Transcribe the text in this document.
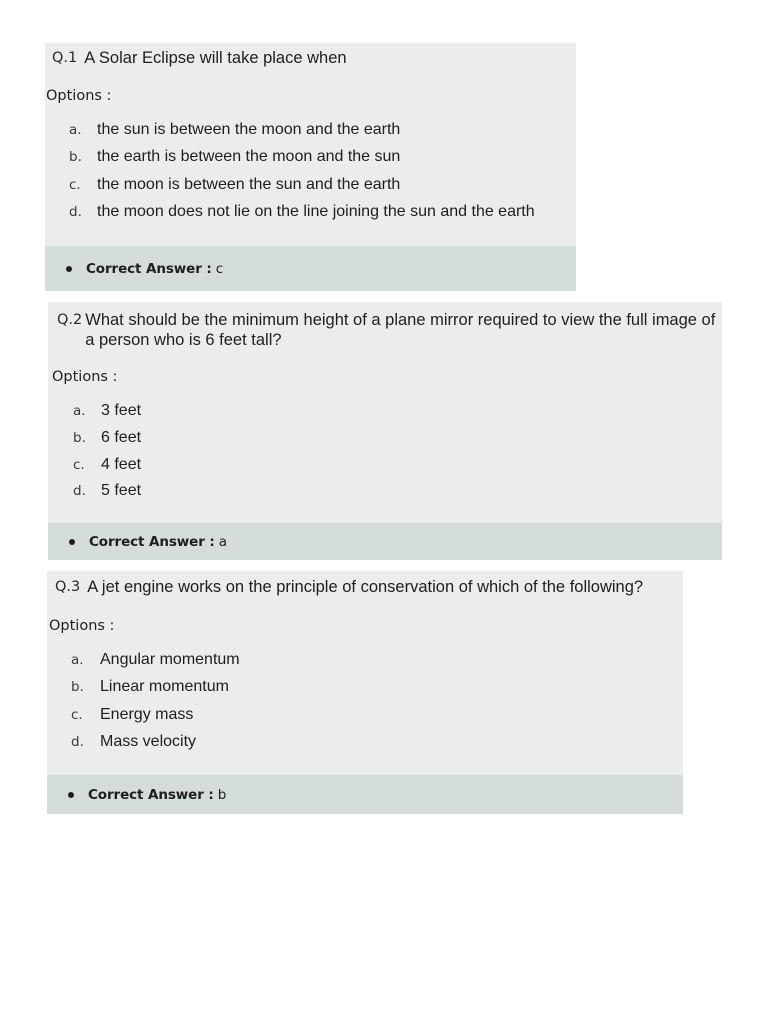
Q.1 A Solar Eclipse will take place when
Options :
a. the sun is between the moon and the earth
b. the earth is between the moon and the sun
c.	the moon is between the sun and the earth
d. the moon does not lie on the line joining the sun and the earth
Correct Answer : c
Q.2 What should be the minimum height of a plane mirror required to view the full image of a person who is 6 feet tall?
Options :
a. 3 feet
b. 6 feet
c.	4 feet
d. 5 feet
Correct Answer : a
Q.3 A jet engine works on the principle of conservation of which of the following?
Options :
a.	Angular momentum
b.	Linear momentum
c.	Energy mass
d.	Mass velocity
Correct Answer : b
